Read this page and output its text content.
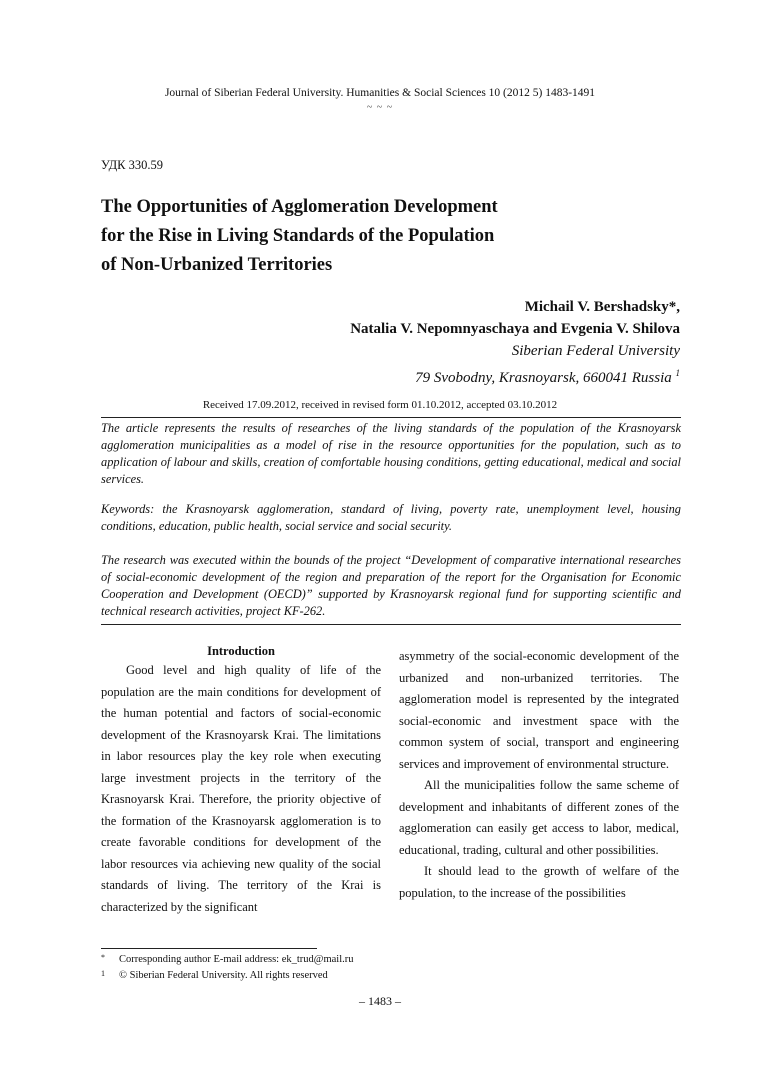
Journal of Siberian Federal University. Humanities & Social Sciences 10 (2012 5) 1483-1491
~ ~ ~
УДК 330.59
The Opportunities of Agglomeration Development
for the Rise in Living Standards of the Population
of Non-Urbanized Territories
Michail V. Bershadsky*,
Natalia V. Nepomnyaschaya and Evgenia V. Shilova
Siberian Federal University
79 Svobodny, Krasnoyarsk, 660041 Russia $^1$
Received 17.09.2012, received in revised form 01.10.2012, accepted 03.10.2012

The article represents the results of researches of the living standards of the population of the Krasnoyarsk agglomeration municipalities as a model of rise in the resource opportunities for the population, such as to application of labour and skills, creation of comfortable housing conditions, getting educational, medical and social services.

Keywords: the Krasnoyarsk agglomeration, standard of living, poverty rate, unemployment level, housing conditions, education, public health, social service and social security.

The research was executed within the bounds of the project “Development of comparative international researches of social-economic development of the region and preparation of the report for the Organisation for Economic Cooperation and Development (OECD)” supported by Krasnoyarsk regional fund for supporting scientific and technical research activities, project KF-262.

Introduction

Good level and high quality of life of the population are the main conditions for development of the human potential and factors of social-economic development of the Krasnoyarsk Krai. The limitations in labor resources play the key role when executing large investment projects in the territory of the Krasnoyarsk Krai. Therefore, the priority objective of the formation of the Krasnoyarsk agglomeration is to create favorable conditions for development of the labor resources via achieving new quality of the social standards of living. The territory of the Krai is characterized by the significant

asymmetry of the social-economic development of the urbanized and non-urbanized territories. The agglomeration model is represented by the integrated social-economic and investment space with the common system of social, transport and engineering services and improvement of environmental structure.

All the municipalities follow the same scheme of development and inhabitants of different zones of the agglomeration can easily get access to labor, medical, educational, trading, cultural and other possibilities.

It should lead to the growth of welfare of the population, to the increase of the possibilities

* Corresponding author E-mail address: ek_trud@mail.ru
1 © Siberian Federal University. All rights reserved
– 1483 –
